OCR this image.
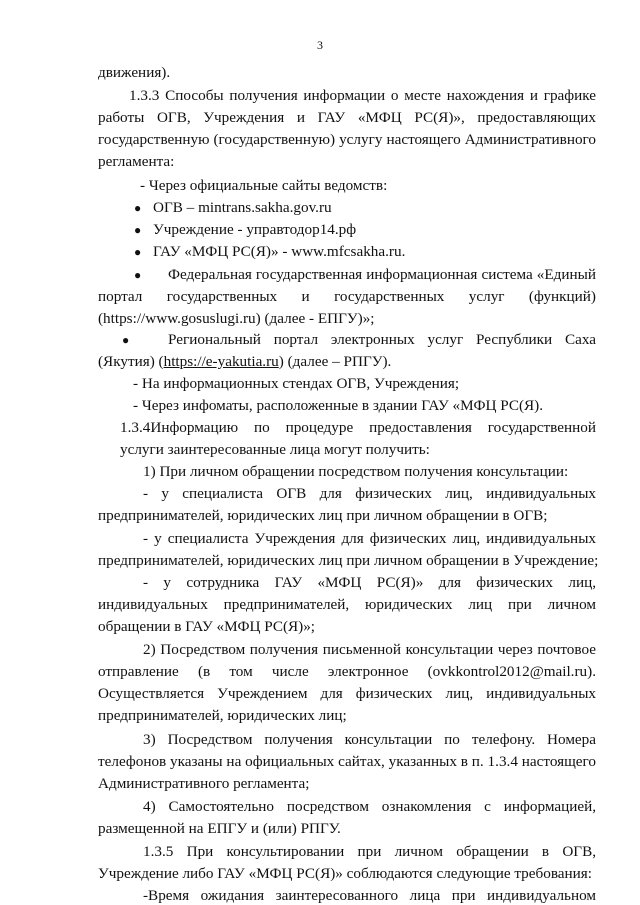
3
движения).
1.3.3 Способы получения информации о месте нахождения и графике
работы ОГВ, Учреждения и ГАУ «МФЦ РС(Я)», предоставляющих
государственную (государственную) услугу настоящего Административного
регламента:
- Через официальные сайты ведомств:
● ОГВ – mintrans.sakha.gov.ru
● Учреждение - управтодор14.рф
● ГАУ «МФЦ РС(Я)» - www.mfcsakha.ru.
● Федеральная государственная информационная система «Единый
портал государственных и государственных услуг (функций)
(https://www.gosuslugi.ru) (далее - ЕПГУ)»;
●	Региональный портал электронных услуг Республики Саха
(Якутия) (https://e-yakutia.ru) (далее – РПГУ).
- На информационных стендах ОГВ, Учреждения;
- Через инфоматы, расположенные в здании ГАУ «МФЦ РС(Я).
1.3.4Информацию по процедуре предоставления государственной
услуги заинтересованные лица могут получить:
1) При личном обращении посредством получения консультации:
- у специалиста ОГВ для физических лиц, индивидуальных
предпринимателей, юридических лиц при личном обращении в ОГВ;
- у специалиста Учреждения для физических лиц, индивидуальных
предпринимателей, юридических лиц при личном обращении в Учреждение;
- у сотрудника ГАУ «МФЦ РС(Я)» для физических лиц,
индивидуальных предпринимателей, юридических лиц при личном
обращении в ГАУ «МФЦ РС(Я)»;
2) Посредством получения письменной консультации через почтовое
отправление (в том числе электронное (ovkkontrol2012@mail.ru).
Осуществляется Учреждением для физических лиц, индивидуальных
предпринимателей, юридических лиц;
3) Посредством получения консультации по телефону. Номера
телефонов указаны на официальных сайтах, указанных в п. 1.3.4 настоящего
Административного регламента;
4) Самостоятельно посредством ознакомления с информацией,
размещенной на ЕПГУ и (или) РПГУ.
1.3.5 При консультировании при личном обращении в ОГВ,
Учреждение либо ГАУ «МФЦ РС(Я)» соблюдаются следующие требования:
-Время ожидания заинтересованного лица при индивидуальном
